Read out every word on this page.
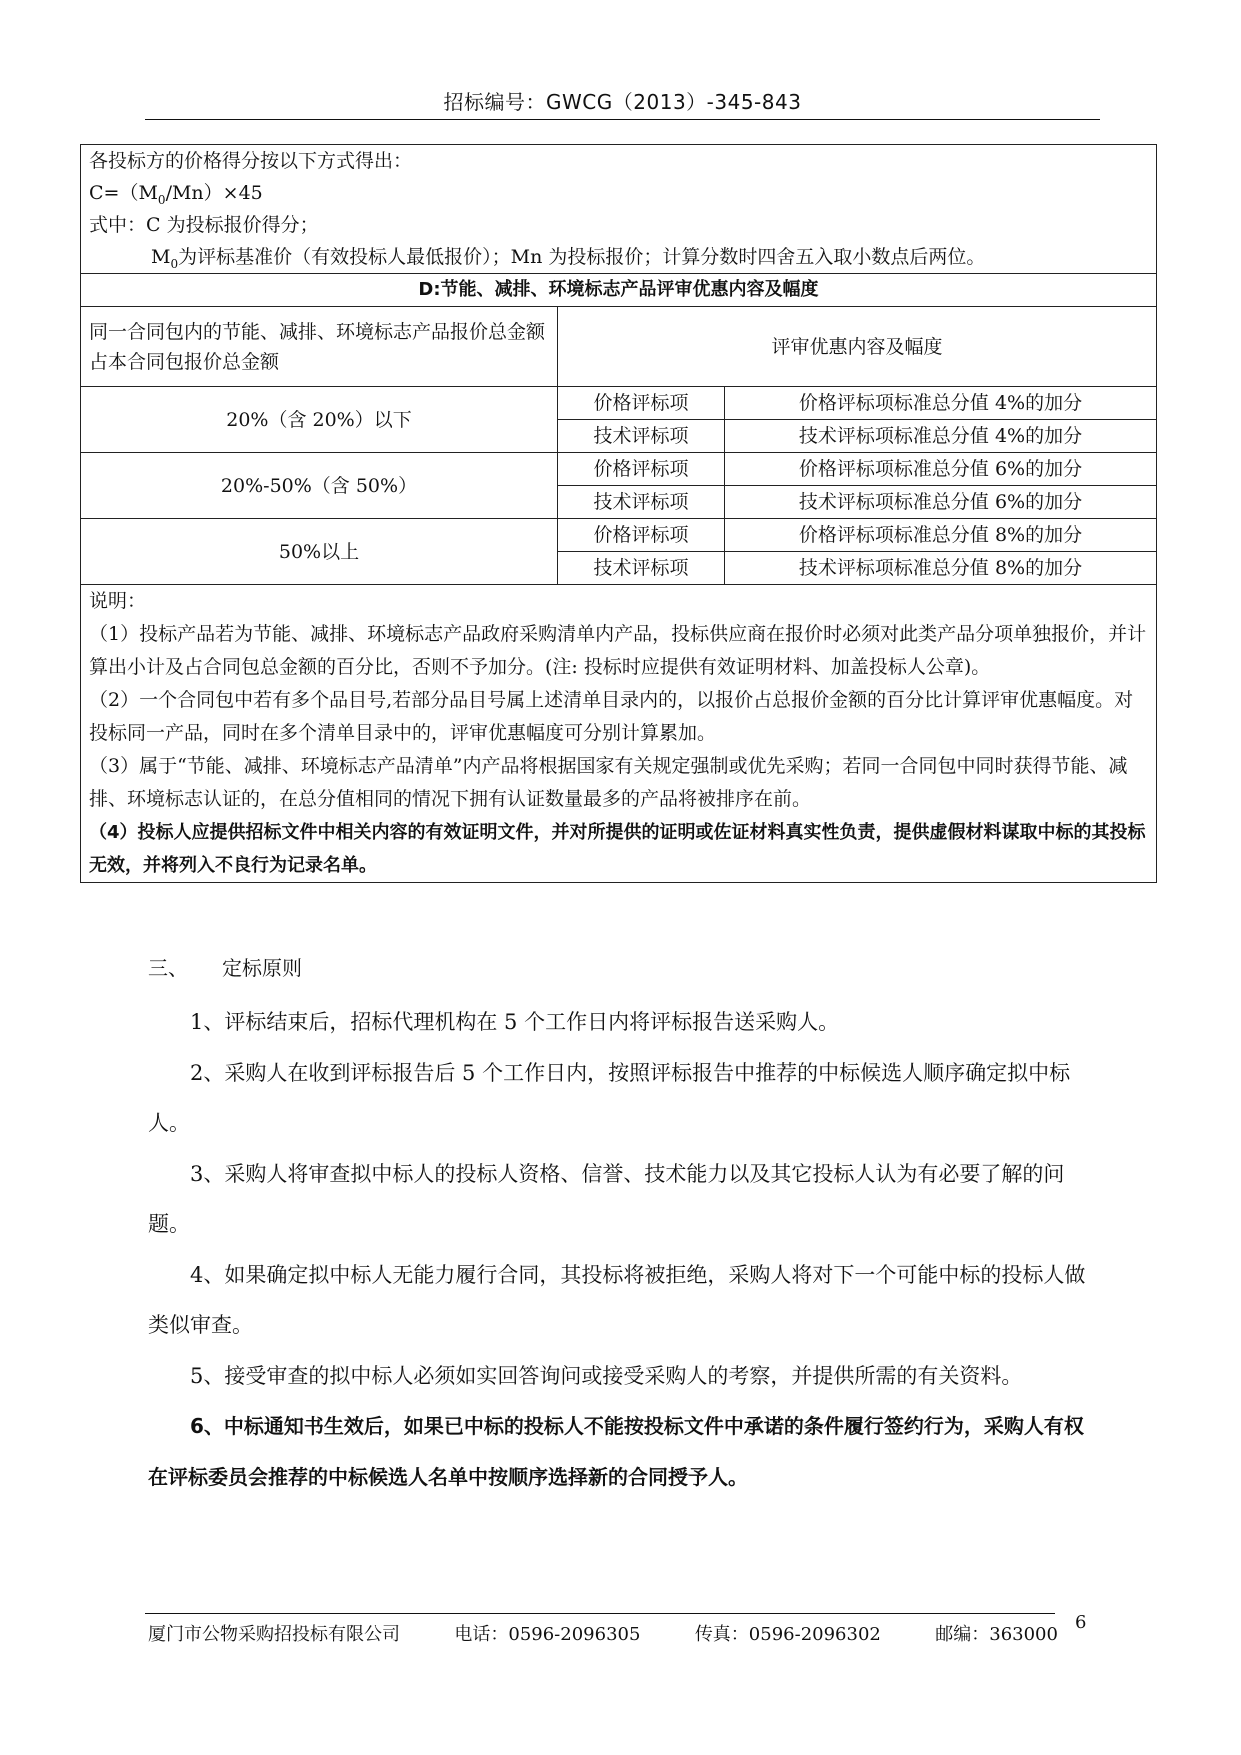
招标编号：GWCG（2013）-345-843
各投标方的价格得分按以下方式得出：
$C=(M_0/Mn)\times 45$
式中：C 为投标报价得分；
$M_0$为评标基准价（有效投标人最低报价）；Mn 为投标报价；计算分数时四舍五入取小数点后两位。		

D:节能、减排、环境标志产品评审优惠内容及幅度		
同一合同包内的节能、减排、环境标志产品报价总金额占本合同包报价总金额	评审优惠内容及幅度	
20%（含 20%）以下	价格评标项	价格评标项标准总分值 4%的加分
	技术评标项	技术评标项标准总分值 4%的加分
20%-50%（含 50%）	价格评标项	价格评标项标准总分值 6%的加分
	技术评标项	技术评标项标准总分值 6%的加分
50%以上	价格评标项	价格评标项标准总分值 8%的加分
	技术评标项	技术评标项标准总分值 8%的加分

说明：
（1）投标产品若为节能、减排、环境标志产品政府采购清单内产品，投标供应商在报价时必须对此类产品分项单独报价，并计算出小计及占合同包总金额的百分比，否则不予加分。(注: 投标时应提供有效证明材料、加盖投标人公章)。
（2）一个合同包中若有多个品目号,若部分品目号属上述清单目录内的，以报价占总报价金额的百分比计算评审优惠幅度。对投标同一产品，同时在多个清单目录中的，评审优惠幅度可分别计算累加。
（3）属于“节能、减排、环境标志产品清单”内产品将根据国家有关规定强制或优先采购；若同一合同包中同时获得节能、减排、环境标志认证的，在总分值相同的情况下拥有认证数量最多的产品将被排序在前。
（4）投标人应提供招标文件中相关内容的有效证明文件，并对所提供的证明或佐证材料真实性负责，提供虚假材料谋取中标的其投标无效，并将列入不良行为记录名单。		
三、 定标原则

1、评标结束后，招标代理机构在 5 个工作日内将评标报告送采购人。

2、采购人在收到评标报告后 5 个工作日内，按照评标报告中推荐的中标候选人顺序确定拟中标人。

3、采购人将审查拟中标人的投标人资格、信誉、技术能力以及其它投标人认为有必要了解的问题。

4、如果确定拟中标人无能力履行合同，其投标将被拒绝，采购人将对下一个可能中标的投标人做类似审查。

5、接受审查的拟中标人必须如实回答询问或接受采购人的考察，并提供所需的有关资料。

6、中标通知书生效后，如果已中标的投标人不能按投标文件中承诺的条件履行签约行为，采购人有权在评标委员会推荐的中标候选人名单中按顺序选择新的合同授予人。

厦门市公物采购招投标有限公司	电话：0596-2096305	传真：0596-2096302	邮编：363000
6
